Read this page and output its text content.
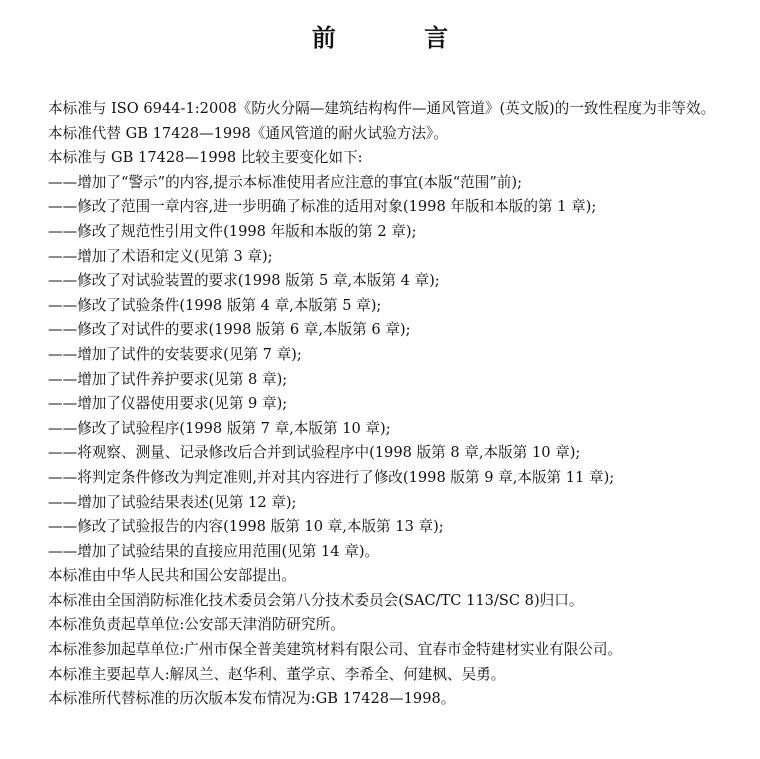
前 言

本标准与 ISO 6944-1:2008《防火分隔—建筑结构构件—通风管道》(英文版)的一致性程度为非等效。

本标准代替 GB 17428—1998《通风管道的耐火试验方法》。

本标准与 GB 17428—1998 比较主要变化如下:

——增加了“警示”的内容,提示本标准使用者应注意的事宜(本版“范围”前);

——修改了范围一章内容,进一步明确了标准的适用对象(1998 年版和本版的第 1 章);

——修改了规范性引用文件(1998 年版和本版的第 2 章);

——增加了术语和定义(见第 3 章);

——修改了对试验装置的要求(1998 版第 5 章,本版第 4 章);

——修改了试验条件(1998 版第 4 章,本版第 5 章);

——修改了对试件的要求(1998 版第 6 章,本版第 6 章);

——增加了试件的安装要求(见第 7 章);

——增加了试件养护要求(见第 8 章);

——增加了仪器使用要求(见第 9 章);

——修改了试验程序(1998 版第 7 章,本版第 10 章);

——将观察、测量、记录修改后合并到试验程序中(1998 版第 8 章,本版第 10 章);

——将判定条件修改为判定准则,并对其内容进行了修改(1998 版第 9 章,本版第 11 章);

——增加了试验结果表述(见第 12 章);

——修改了试验报告的内容(1998 版第 10 章,本版第 13 章);

——增加了试验结果的直接应用范围(见第 14 章)。

本标准由中华人民共和国公安部提出。

本标准由全国消防标准化技术委员会第八分技术委员会(SAC/TC 113/SC 8)归口。

本标准负责起草单位:公安部天津消防研究所。

本标准参加起草单位:广州市保全普美建筑材料有限公司、宜春市金特建材实业有限公司。

本标准主要起草人:解凤兰、赵华利、董学京、李希全、何建枫、吴勇。

本标准所代替标准的历次版本发布情况为:GB 17428—1998。
